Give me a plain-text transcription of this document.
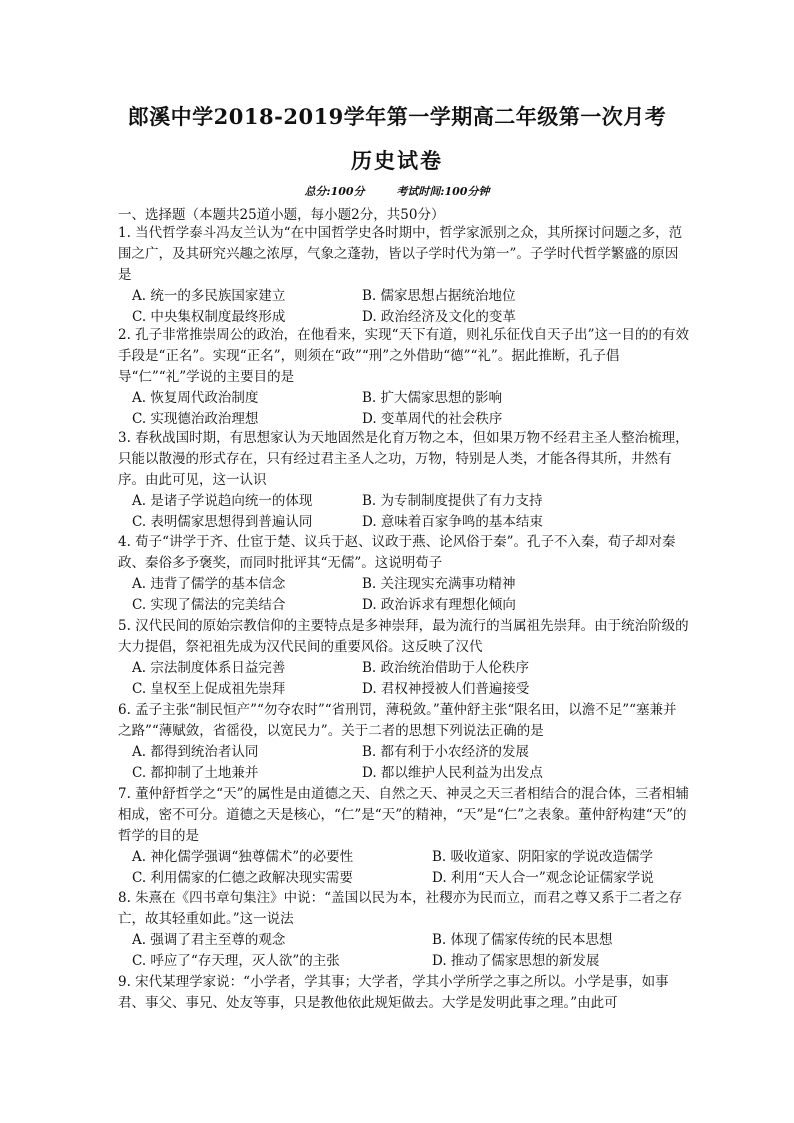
郎溪中学2018-2019学年第一学期高二年级第一次月考
历史试卷
总分:100分	考试时间:100分钟
一、选择题（本题共25道小题，每小题2分，共50分）

1. 当代哲学泰斗冯友兰认为“在中国哲学史各时期中，哲学家派别之众，其所探讨问题之多，范围之广，及其研究兴趣之浓厚，气象之蓬勃，皆以子学时代为第一”。子学时代哲学繁盛的原因是

A. 统一的多民族国家建立	B. 儒家思想占据统治地位
C. 中央集权制度最终形成	D. 政治经济及文化的变革

2. 孔子非常推崇周公的政治，在他看来，实现“天下有道，则礼乐征伐自天子出”这一目的的有效手段是“正名”。实现“正名”，则须在“政”“刑”之外借助“德”“礼”。据此推断，孔子倡导“仁”“礼”学说的主要目的是

A. 恢复周代政治制度	B. 扩大儒家思想的影响
C. 实现德治政治理想	D. 变革周代的社会秩序

3. 春秋战国时期，有思想家认为天地固然是化育万物之本，但如果万物不经君主圣人整治梳理，只能以散漫的形式存在，只有经过君主圣人之功，万物，特别是人类，才能各得其所，井然有序。由此可见，这一认识

A. 是诸子学说趋向统一的体现	B. 为专制制度提供了有力支持
C. 表明儒家思想得到普遍认同	D. 意味着百家争鸣的基本结束

4. 荀子“讲学于齐、仕宦于楚、议兵于赵、议政于燕、论风俗于秦”。孔子不入秦，荀子却对秦政、秦俗多予褒奖，而同时批评其“无儒”。这说明荀子

A. 违背了儒学的基本信念	B. 关注现实充满事功精神
C. 实现了儒法的完美结合	D. 政治诉求有理想化倾向

5. 汉代民间的原始宗教信仰的主要特点是多神崇拜，最为流行的当属祖先崇拜。由于统治阶级的大力提倡，祭祀祖先成为汉代民间的重要风俗。这反映了汉代

A. 宗法制度体系日益完善	B. 政治统治借助于人伦秩序
C. 皇权至上促成祖先崇拜	D. 君权神授被人们普遍接受

6. 孟子主张“制民恒产”“勿夺农时”“省刑罚，薄税敛。”董仲舒主张“限名田，以澹不足”“塞兼并之路”“薄赋敛，省徭役，以宽民力”。关于二者的思想下列说法正确的是

A. 都得到统治者认同	B. 都有利于小农经济的发展
C. 都抑制了土地兼并	D. 都以维护人民利益为出发点

7. 董仲舒哲学之“天”的属性是由道德之天、自然之天、神灵之天三者相结合的混合体，三者相辅相成，密不可分。道德之天是核心，“仁”是“天”的精神，“天”是“仁”之表象。董仲舒构建“天”的哲学的目的是

A. 神化儒学强调“独尊儒术”的必要性	B. 吸收道家、阴阳家的学说改造儒学
C. 利用儒家的仁德之政解决现实需要	D. 利用“天人合一”观念论证儒家学说

8. 朱熹在《四书章句集注》中说：“盖国以民为本，社稷亦为民而立，而君之尊又系于二者之存亡，故其轻重如此。”这一说法

A. 强调了君主至尊的观念	B. 体现了儒家传统的民本思想
C. 呼应了“存天理，灭人欲”的主张	D. 推动了儒家思想的新发展

9. 宋代某理学家说：“小学者，学其事；大学者，学其小学所学之事之所以。小学是事，如事君、事父、事兄、处友等事，只是教他依此规矩做去。大学是发明此事之理。”由此可
